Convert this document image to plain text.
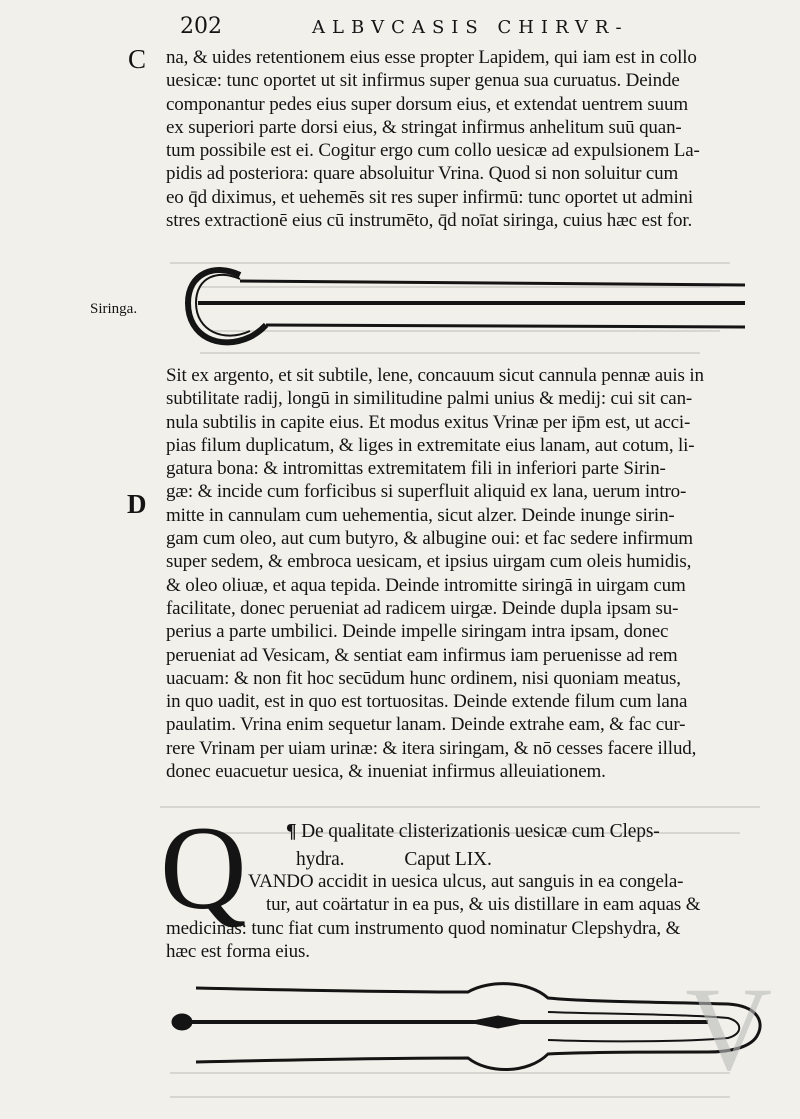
202	ALBVCASIS CHIRVR-
C na, & uides retentionem eius esse propter Lapidem, qui iam est in collo
uesicæ: tunc oportet ut sit infirmus super genua sua curuatus. Deinde
componantur pedes eius super dorsum eius, et extendat uentrem suum
ex superiori parte dorsi eius, & stringat infirmus anhelitum suū quan-
tum possibile est ei. Cogitur ergo cum collo uesicæ ad expulsionem La-
pidis ad posteriora: quare absoluitur Vrina. Quod si non soluitur cum
eo q̄d diximus, et uehemēs sit res super infirmū: tunc oportet ut admini
stres extractionē eius cū instrumēto, q̄d noīat siringa, cuius hæc est for.
Siringa.
Sit ex argento, et sit subtile, lene, concauum sicut cannula pennæ auis in
subtilitate radij, longū in similitudine palmi unius & medij: cui sit can-
nula subtilis in capite eius. Et modus exitus Vrinæ per ip̄m est, ut acci-
pias filum duplicatum, & liges in extremitate eius lanam, aut cotum, li-
gatura bona: & intromittas extremitatem fili in inferiori parte Sirin-
gæ: & incide cum forficibus si superfluit aliquid ex lana, uerum intro-
mitte in cannulam cum uehementia, sicut alzer. Deinde inunge sirin-
gam cum oleo, aut cum butyro, & albugine oui: et fac sedere infirmum
super sedem, & embroca uesicam, et ipsius uirgam cum oleis humidis,
& oleo oliuæ, et aqua tepida. Deinde intromitte siringā in uirgam cum
facilitate, donec perueniat ad radicem uirgæ. Deinde dupla ipsam su-
perius a parte umbilici. Deinde impelle siringam intra ipsam, donec
perueniat ad Vesicam, & sentiat eam infirmus iam peruenisse ad rem
uacuam: & non fit hoc secūdum hunc ordinem, nisi quoniam meatus,
in quo uadit, est in quo est tortuositas. Deinde extende filum cum lana
paulatim. Vrina enim sequetur lanam. Deinde extrahe eam, & fac cur-
rere Vrinam per uiam urinæ: & itera siringam, & nō cesses facere illud,
donec euacuetur uesica, & inueniat infirmus alleuiationem.
D
¶ De qualitate clisterizationis uesicæ cum Cleps-
hydra.	Caput LIX.
Q VANDO accidit in uesica ulcus, aut sanguis in ea congela-
tur, aut coärtatur in ea pus, & uis distillare in eam aquas &
medicinas: tunc fiat cum instrumento quod nominatur Clepshydra, &
hæc est forma eius.
V
